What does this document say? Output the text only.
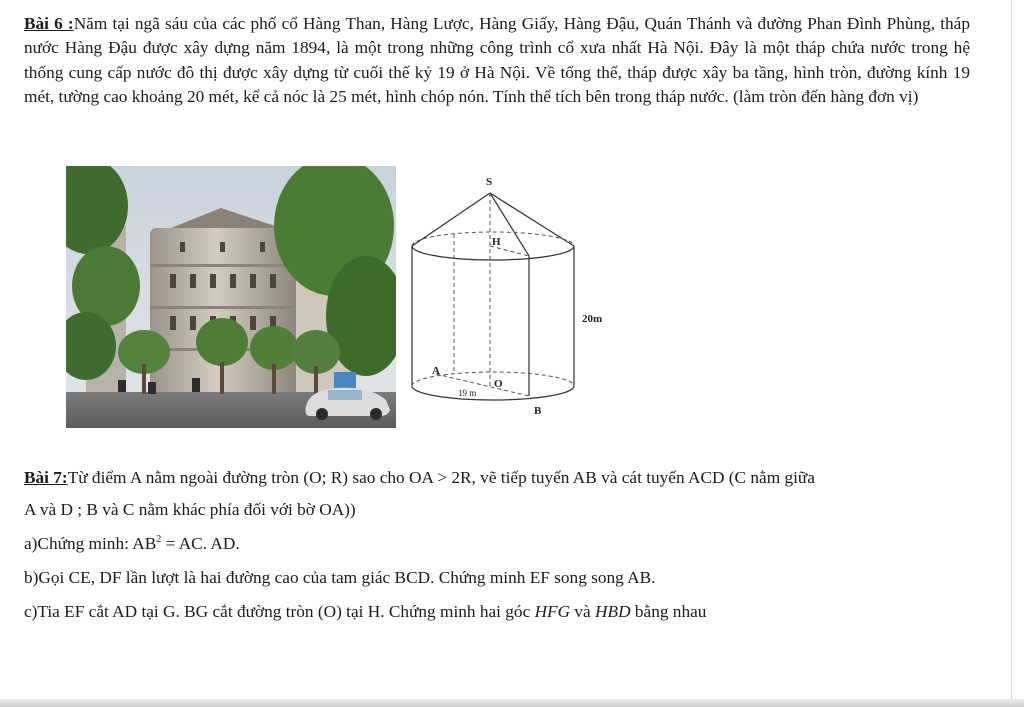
Bài 6 :Năm tại ngã sáu của các phố cổ Hàng Than, Hàng Lược, Hàng Giấy, Hàng Đậu, Quán Thánh và đường Phan Đình Phùng, tháp nước Hàng Đậu được xây dựng năm 1894, là một trong những công trình cổ xưa nhất Hà Nội. Đây là một tháp chứa nước trong hệ thống cung cấp nước đô thị được xây dựng từ cuối thế kỷ 19 ở Hà Nội. Về tổng thể, tháp được xây ba tầng, hình tròn, đường kính 19 mét, tường cao khoảng 20 mét, kể cả nóc là 25 mét, hình chóp nón. Tính thể tích bên trong tháp nước. (làm tròn đến hàng đơn vị)
S
H
20m
A
19 m
O
B
Bài 7:Từ điểm A nằm ngoài đường tròn (O; R) sao cho OA > 2R, vẽ tiếp tuyến AB và cát tuyến ACD (C nằm giữa
A và D ; B và C nằm khác phía đối với bờ OA))
a)Chứng minh: $AB^2$ = AC. AD.
b)Gọi CE, DF lần lượt là hai đường cao của tam giác BCD. Chứng minh EF song song AB.
c)Tia EF cắt AD tại G. BG cắt đường tròn (O) tại H. Chứng minh hai góc HFG và HBD bằng nhau
